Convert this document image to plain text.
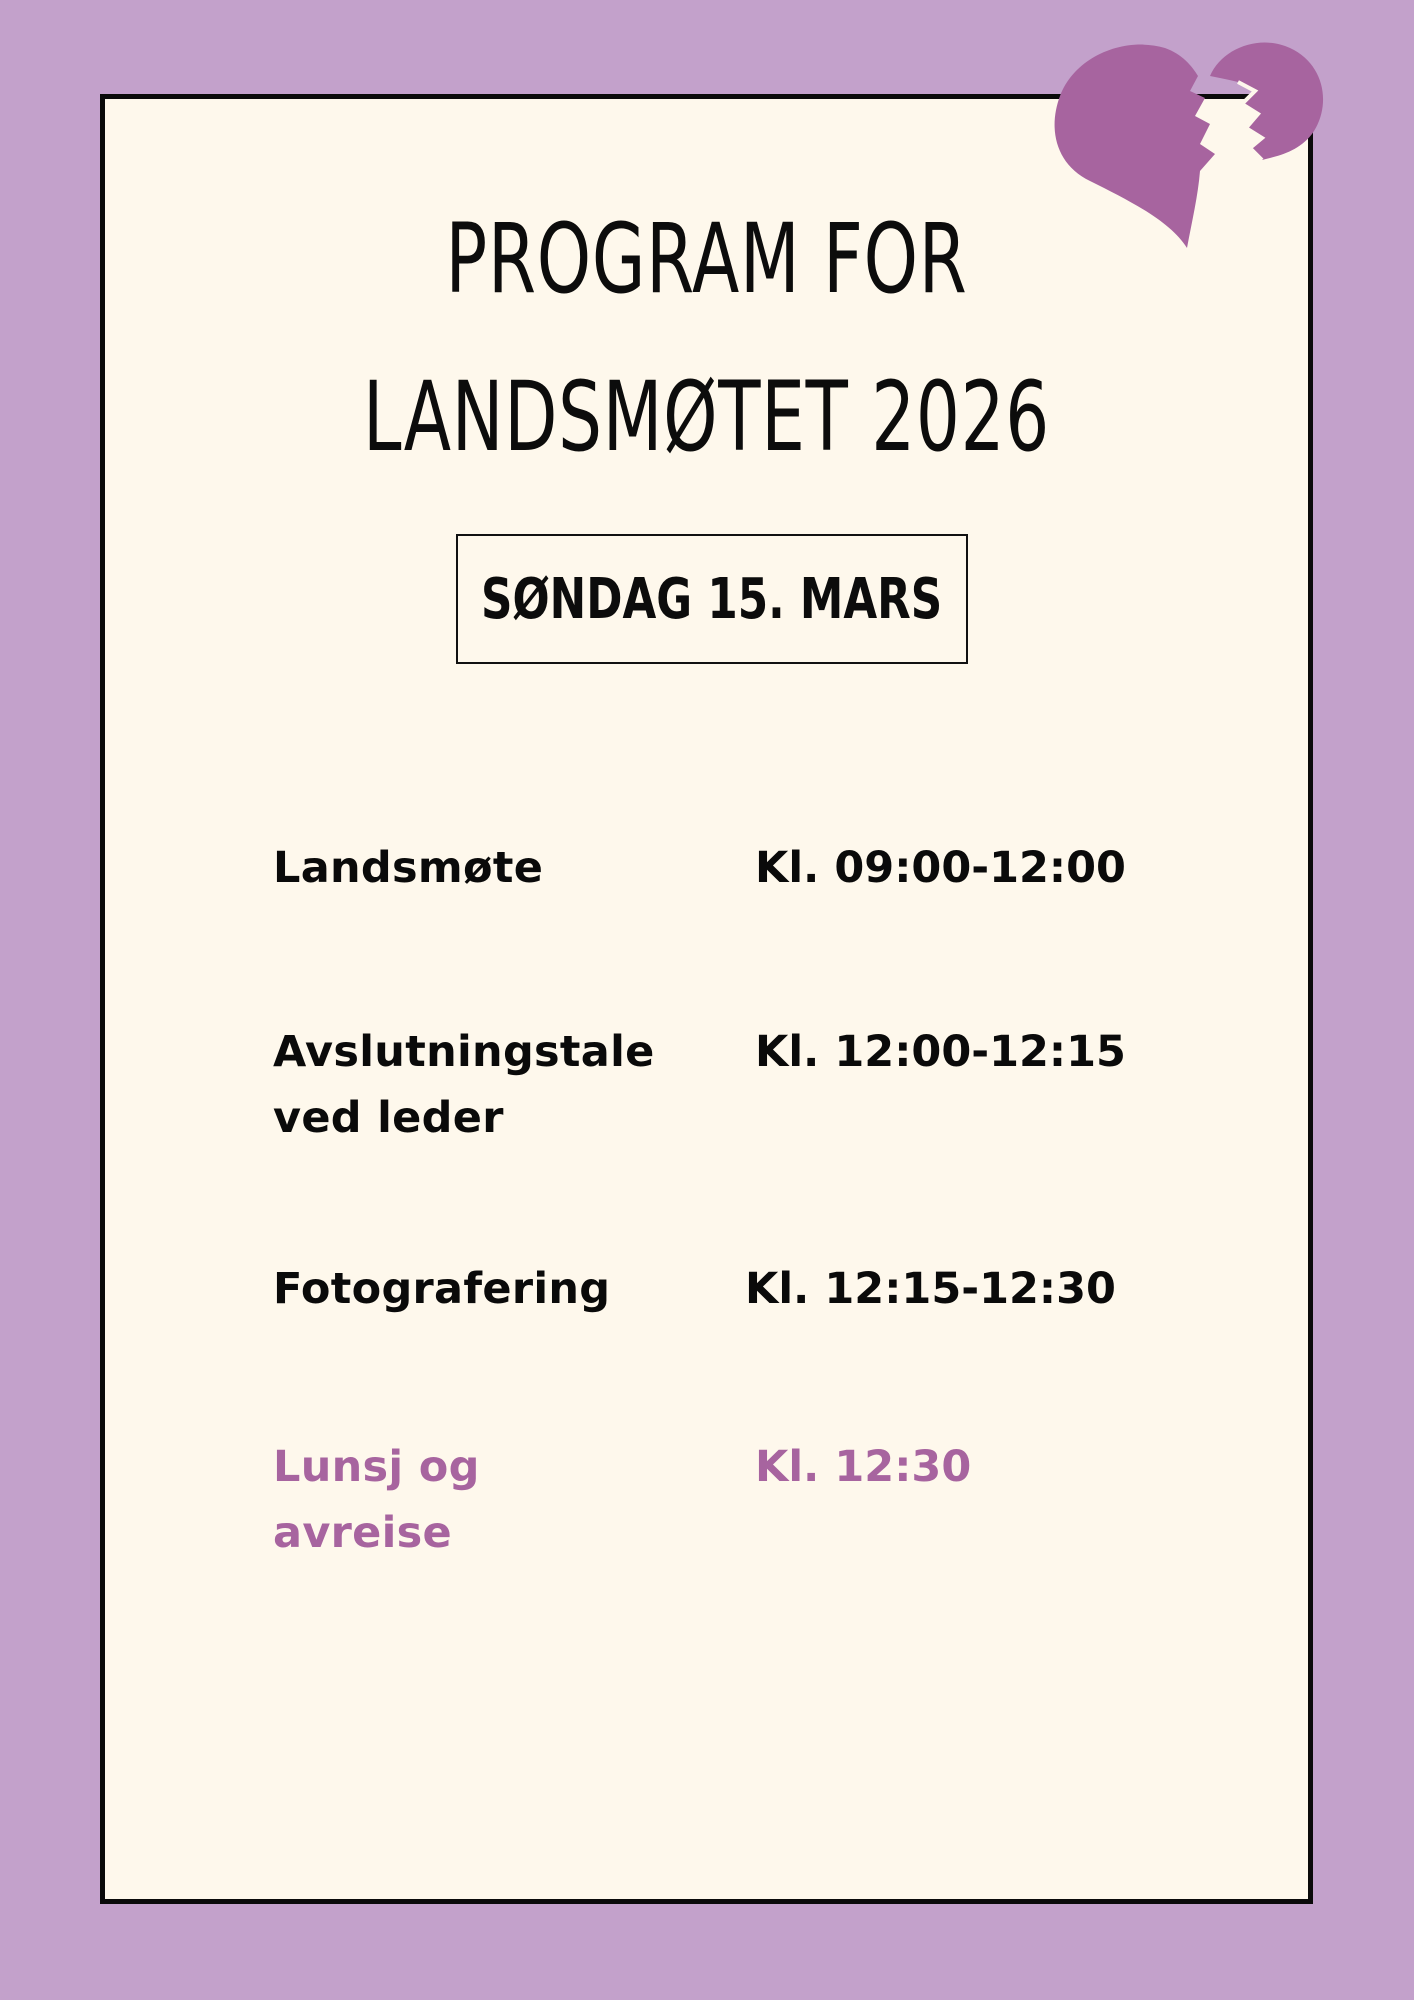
PROGRAM FOR
LANDSMØTET 2026
SØNDAG 15. MARS
Landsmøte	Kl. 09:00-12:00
Avslutningstale ved leder
Kl. 12:00-12:15
Fotografering	Kl. 12:15-12:30
Lunsj og avreise
Kl. 12:30
